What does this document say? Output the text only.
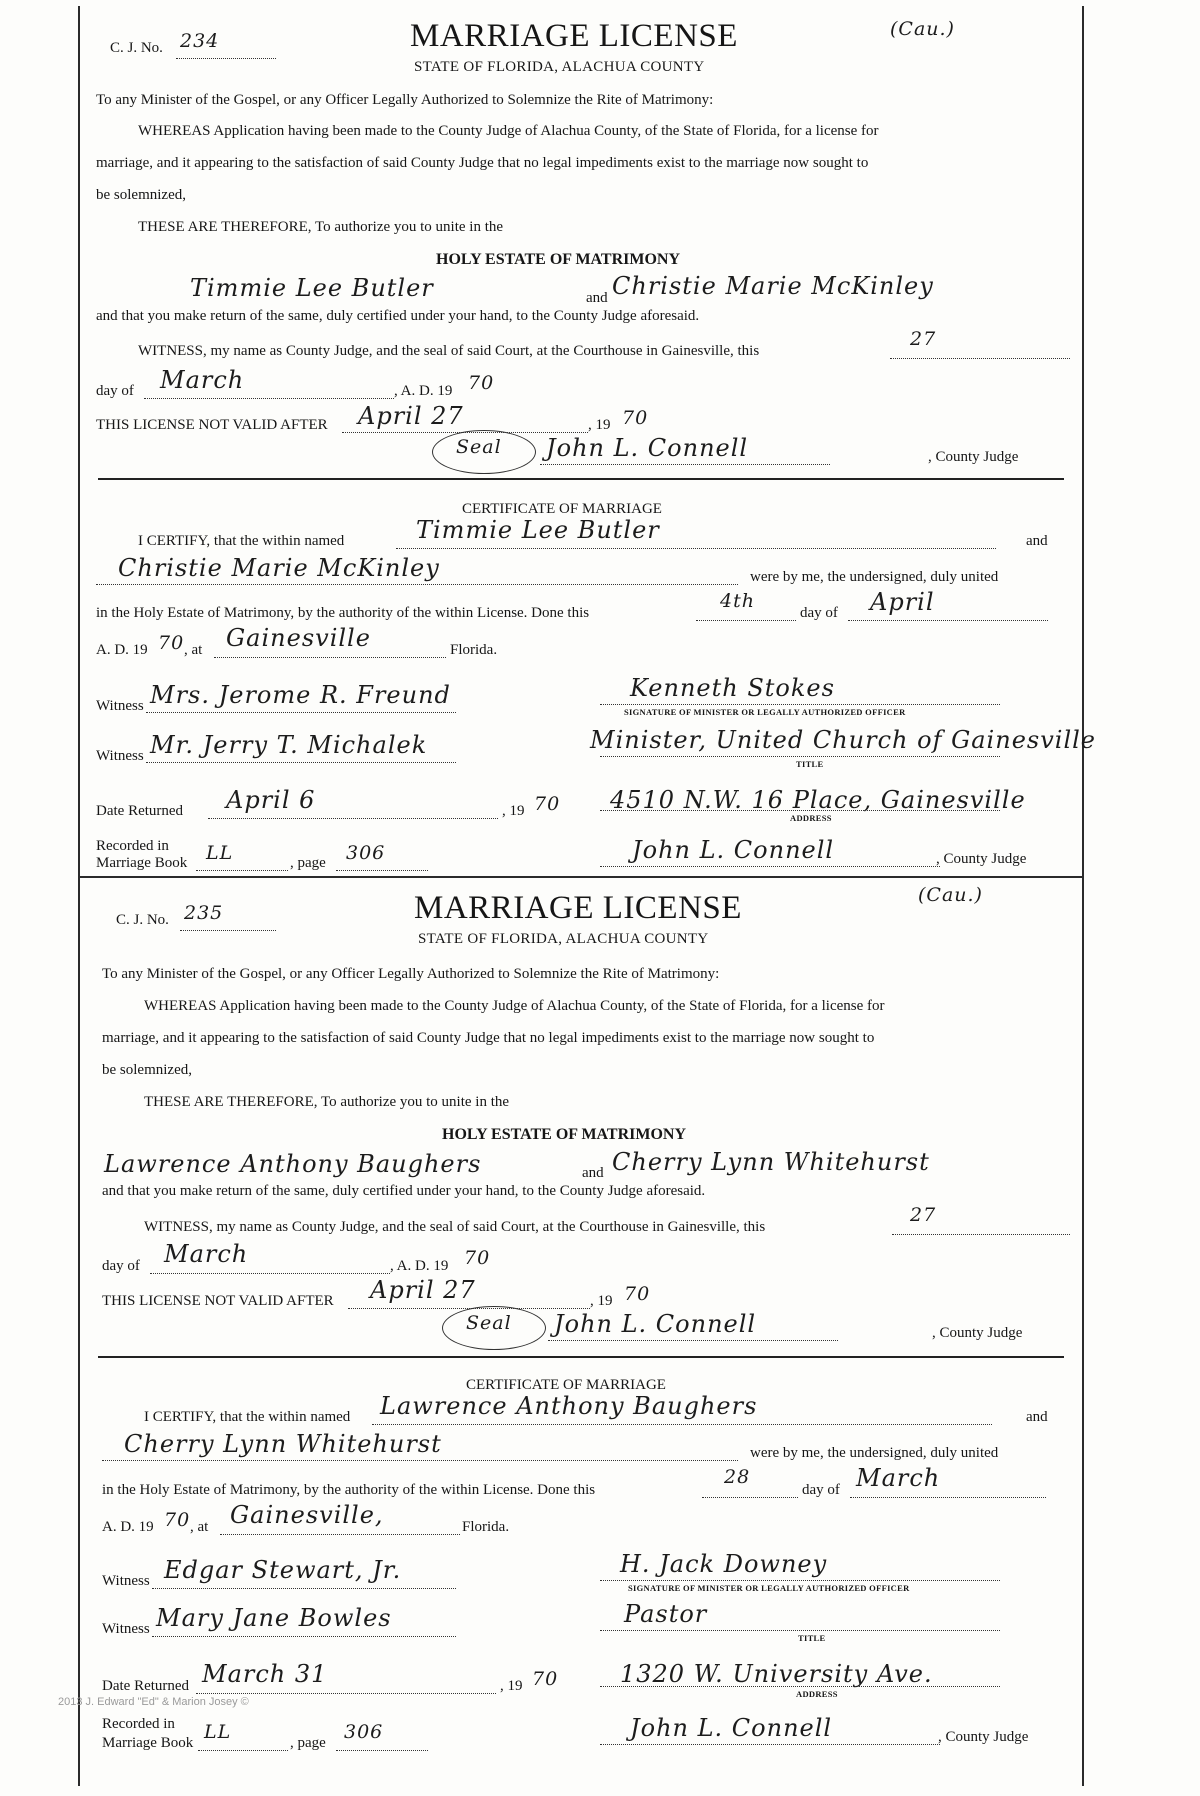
C. J. No. 234	MARRIAGE LICENSE
STATE OF FLORIDA, ALACHUA COUNTY
(Cau.)
To any Minister of the Gospel, or any Officer Legally Authorized to Solemnize the Rite of Matrimony:
WHEREAS Application having been made to the County Judge of Alachua County, of the State of Florida, for a license for
marriage, and it appearing to the satisfaction of said County Judge that no legal impediments exist to the marriage now sought to
be solemnized,
THESE ARE THEREFORE, To authorize you to unite in the
HOLY ESTATE OF MATRIMONY
Timmie Lee Butler	and Christie Marie McKinley
and that you make return of the same, duly certified under your hand, to the County Judge aforesaid.
WITNESS, my name as County Judge, and the seal of said Court, at the Courthouse in Gainesville, this
27
day of March	, A. D. 19 70
THIS LICENSE NOT VALID AFTER April 27	, 19 70
Seal John L. Connell	, County Judge
CERTIFICATE OF MARRIAGE
I CERTIFY, that the within named	Timmie Lee Butler	and
Christie Marie McKinley	were by me, the undersigned, duly united
in the Holy Estate of Matrimony, by the authority of the within License. Done this
4th
day of April
A. D. 19 70 , at Gainesville	Florida.
Witness Mrs. Jerome R. Freund	Kenneth Stokes
SIGNATURE OF MINISTER OR LEGALLY AUTHORIZED OFFICER
Witness Mr. Jerry T. Michalek	Minister, United Church of Gainesville
TITLE
Date Returned April 6	, 19 70 4510 N.W. 16 Place, Gainesville
ADDRESS
Recorded in
Marriage Book LL	, page 306	John L. Connell	, County Judge
C. J. No. 235	MARRIAGE LICENSE
STATE OF FLORIDA, ALACHUA COUNTY
(Cau.)
To any Minister of the Gospel, or any Officer Legally Authorized to Solemnize the Rite of Matrimony:
WHEREAS Application having been made to the County Judge of Alachua County, of the State of Florida, for a license for
marriage, and it appearing to the satisfaction of said County Judge that no legal impediments exist to the marriage now sought to
be solemnized,
THESE ARE THEREFORE, To authorize you to unite in the
HOLY ESTATE OF MATRIMONY
Lawrence Anthony Baughers	and Cherry Lynn Whitehurst
and that you make return of the same, duly certified under your hand, to the County Judge aforesaid.
WITNESS, my name as County Judge, and the seal of said Court, at the Courthouse in Gainesville, this
27
day of March	, A. D. 19 70
THIS LICENSE NOT VALID AFTER April 27	, 19 70
Seal John L. Connell	, County Judge
CERTIFICATE OF MARRIAGE
I CERTIFY, that the within named Lawrence Anthony Baughers	and
Cherry Lynn Whitehurst	were by me, the undersigned, duly united
in the Holy Estate of Matrimony, by the authority of the within License. Done this
28
day of March
A. D. 19 70 , at Gainesville,	Florida.
Witness Edgar Stewart, Jr.	H. Jack Downey
SIGNATURE OF MINISTER OR LEGALLY AUTHORIZED OFFICER
Witness Mary Jane Bowles	Pastor
TITLE
Date Returned March 31	, 19 70	1320 W. University Ave.
ADDRESS
Recorded in
Marriage Book LL	, page 306	John L. Connell	, County Judge
2013 J. Edward "Ed" & Marion Josey ©
